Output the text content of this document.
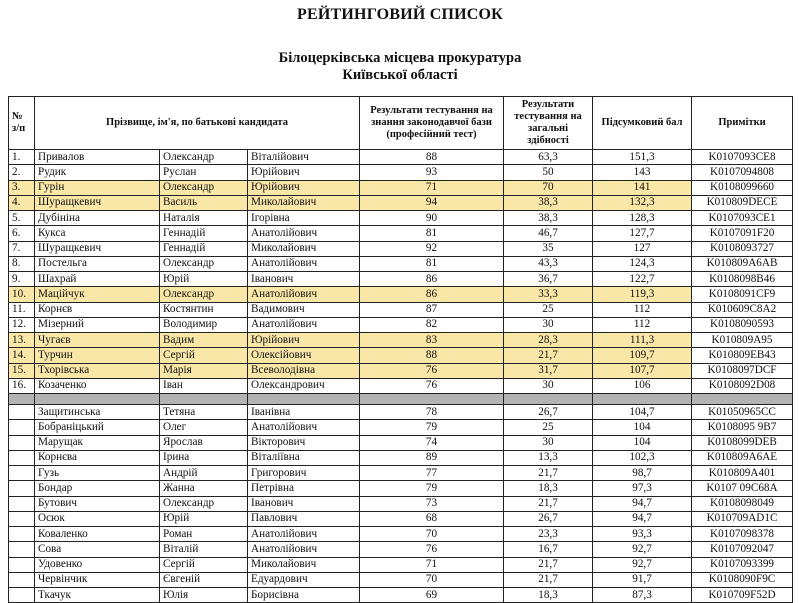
РЕЙТИНГОВИЙ СПИСОК
Білоцерківська місцева прокуратура
Київської області
№ з/п	Прізвище, ім'я, по батькові кандидата			Результати тестування на знання законодавчої бази (професійний тест)	Результати тестування на загальні здібності	Підсумковий бал	Примітки
1.	Привалов	Олександр	Віталійович	88	63,3	151,3	K0107093CE8
2.	Рудик	Руслан	Юрійович	93	50	143	K0107094808
3.	Гурін	Олександр	Юрійович	71	70	141	K0108099660
4.	Шуращкевич	Василь	Миколайович	94	38,3	132,3	K010809DECE
5.	Дубініна	Наталія	Ігорівна	90	38,3	128,3	K0107093CE1
6.	Кукса	Геннадій	Анатолійович	81	46,7	127,7	K0107091F20
7.	Шуращкевич	Геннадій	Миколайович	92	35	127	K0108093727
8.	Постельга	Олександр	Анатолійович	81	43,3	124,3	K010809A6AB
9.	Шахрай	Юрій	Іванович	86	36,7	122,7	K0108098B46
10.	Маційчук	Олександр	Анатолійович	86	33,3	119,3	K0108091CF9
11.	Корнєв	Костянтин	Вадимович	87	25	112	K010609C8A2
12.	Мізерний	Володимир	Анатолійович	82	30	112	K0108090593
13.	Чугаєв	Вадим	Юрійович	83	28,3	111,3	K010809A95
14.	Турчин	Сергій	Олексійович	88	21,7	109,7	K010809EB43
15.	Тхорівська	Марія	Всеволодівна	76	31,7	107,7	K0108097DCF
16.	Козаченко	Іван	Олександрович	76	30	106	K0108092D08

	Защитинська	Тетяна	Іванівна	78	26,7	104,7	K01050965CC
	Бобраніцький	Олег	Анатолійович	79	25	104	K0108095 9B7
	Марущак	Ярослав	Вікторович	74	30	104	K0108099DEB
	Корнєва	Ірина	Віталіївна	89	13,3	102,3	K010809A6AE
	Гузь	Андрій	Григорович	77	21,7	98,7	K010809A401
	Бондар	Жанна	Петрівна	79	18,3	97,3	K0107 09C68A
	Бутович	Олександр	Іванович	73	21,7	94,7	K0108098049
	Осюк	Юрій	Павлович	68	26,7	94,7	K010709AD1C
	Коваленко	Роман	Анатолійович	70	23,3	93,3	K0107098378
	Сова	Віталій	Анатолійович	76	16,7	92,7	K0107092047
	Удовенко	Сергій	Миколайович	71	21,7	92,7	K0107093399
	Червінчик	Євгеній	Едуардович	70	21,7	91,7	K0108090F9C
	Ткачук	Юлія	Борисівна	69	18,3	87,3	K010709F52D
